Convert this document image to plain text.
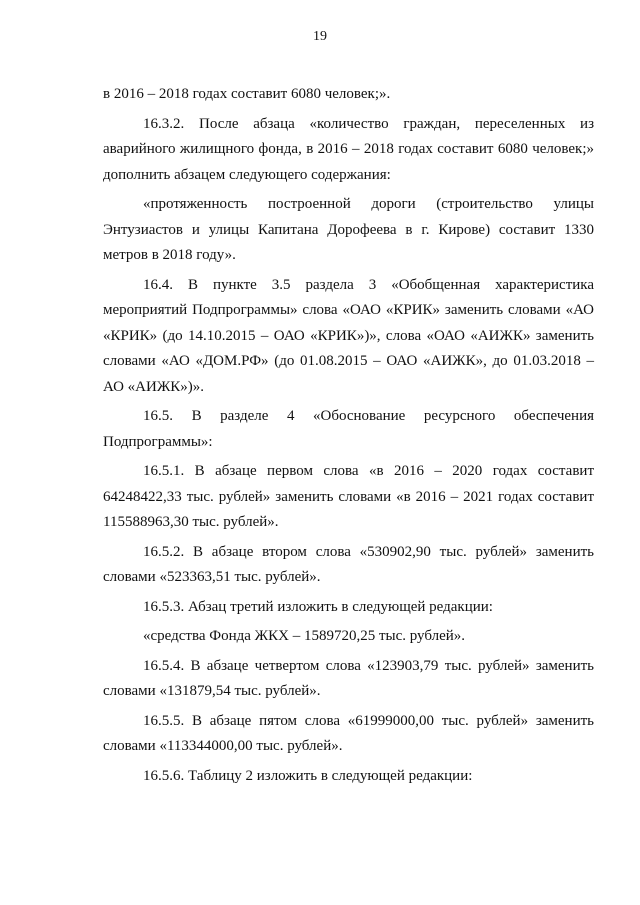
19

в 2016 – 2018 годах составит 6080 человек;».

16.3.2. После абзаца «количество граждан, переселенных из аварийного жилищного фонда, в 2016 – 2018 годах составит 6080 человек;» дополнить абзацем следующего содержания:

«протяженность построенной дороги (строительство улицы Энтузиастов и улицы Капитана Дорофеева в г. Кирове) составит 1330 метров в 2018 году».

16.4. В пункте 3.5 раздела 3 «Обобщенная характеристика мероприятий Подпрограммы» слова «ОАО «КРИК» заменить словами «АО «КРИК» (до 14.10.2015 – ОАО «КРИК»)», слова «ОАО «АИЖК» заменить словами «АО «ДОМ.РФ» (до 01.08.2015 – ОАО «АИЖК», до 01.03.2018 – АО «АИЖК»)».

16.5. В разделе 4 «Обоснование ресурсного обеспечения Подпрограммы»:

16.5.1. В абзаце первом слова «в 2016 – 2020 годах составит 64248422,33 тыс. рублей» заменить словами «в 2016 – 2021 годах составит 115588963,30 тыс. рублей».

16.5.2. В абзаце втором слова «530902,90 тыс. рублей» заменить словами «523363,51 тыс. рублей».

16.5.3. Абзац третий изложить в следующей редакции:

«средства Фонда ЖКХ – 1589720,25 тыс. рублей».

16.5.4. В абзаце четвертом слова «123903,79 тыс. рублей» заменить словами «131879,54 тыс. рублей».

16.5.5. В абзаце пятом слова «61999000,00 тыс. рублей» заменить словами «113344000,00 тыс. рублей».

16.5.6. Таблицу 2 изложить в следующей редакции:
